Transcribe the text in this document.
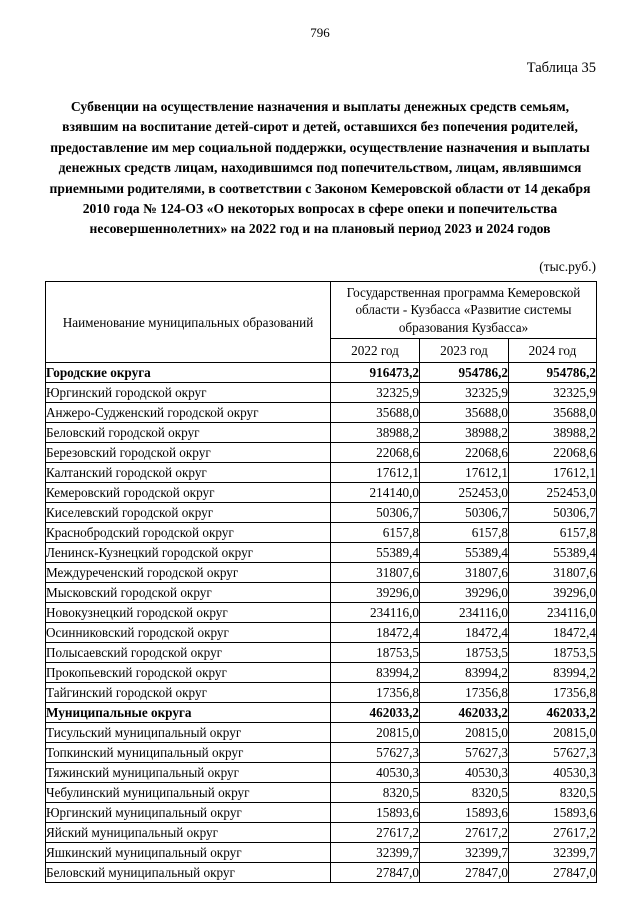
796
Таблица 35
Субвенции на осуществление назначения и выплаты денежных средств семьям, взявшим на воспитание детей-сирот и детей, оставшихся без попечения родителей, предоставление им мер социальной поддержки, осуществление назначения и выплаты денежных средств лицам, находившимся под попечительством, лицам, являвшимся приемными родителями, в соответствии с Законом Кемеровской области от 14 декабря 2010 года № 124-ОЗ «О некоторых вопросах в сфере опеки и попечительства несовершеннолетних» на 2022 год и на плановый период 2023 и 2024 годов
(тыс.руб.)
Наименование муниципальных образований	Государственная программа Кемеровской области - Кузбасса «Развитие системы образования Кузбасса»		
	2022 год	2023 год	2024 год
Городские округа	916473,2	954786,2	954786,2
Юргинский городской округ	32325,9	32325,9	32325,9
Анжеро-Судженский городской округ	35688,0	35688,0	35688,0
Беловский городской округ	38988,2	38988,2	38988,2
Березовский городской округ	22068,6	22068,6	22068,6
Калтанский городской округ	17612,1	17612,1	17612,1
Кемеровский городской округ	214140,0	252453,0	252453,0
Киселевский городской округ	50306,7	50306,7	50306,7
Краснобродский городской округ	6157,8	6157,8	6157,8
Ленинск-Кузнецкий городской округ	55389,4	55389,4	55389,4
Междуреченский городской округ	31807,6	31807,6	31807,6
Мысковский городской округ	39296,0	39296,0	39296,0
Новокузнецкий городской округ	234116,0	234116,0	234116,0
Осинниковский городской округ	18472,4	18472,4	18472,4
Полысаевский городской округ	18753,5	18753,5	18753,5
Прокопьевский городской округ	83994,2	83994,2	83994,2
Тайгинский городской округ	17356,8	17356,8	17356,8
Муниципальные округа	462033,2	462033,2	462033,2
Тисульский муниципальный округ	20815,0	20815,0	20815,0
Топкинский муниципальный округ	57627,3	57627,3	57627,3
Тяжинский муниципальный округ	40530,3	40530,3	40530,3
Чебулинский муниципальный округ	8320,5	8320,5	8320,5
Юргинский муниципальный округ	15893,6	15893,6	15893,6
Яйский муниципальный округ	27617,2	27617,2	27617,2
Яшкинский муниципальный округ	32399,7	32399,7	32399,7
Беловский муниципальный округ	27847,0	27847,0	27847,0
